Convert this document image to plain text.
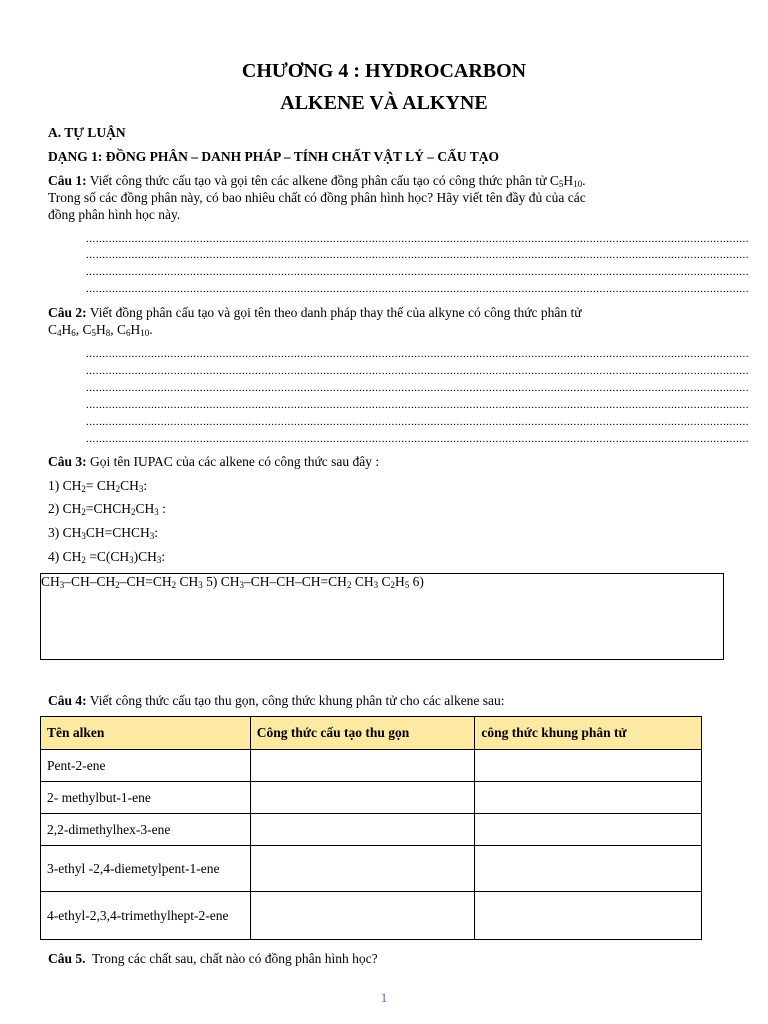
CHƯƠNG 4 : HYDROCARBON
ALKENE VÀ ALKYNE
A. TỰ LUẬN
DẠNG 1: ĐỒNG PHÂN – DANH PHÁP – TÍNH CHẤT VẬT LÝ – CẤU TẠO
Câu 1: Viết công thức cấu tạo và gọi tên các alkene đồng phân cấu tạo có công thức phân tử $C_5H_{10}$.
Trong số các đồng phân này, có bao nhiêu chất có đồng phân hình học? Hãy viết tên đầy đủ của các
đồng phân hình học này.
............................................................................................................................................................................................................
............................................................................................................................................................................................................
............................................................................................................................................................................................................
............................................................................................................................................................................................................
Câu 2: Viết đồng phân cấu tạo và gọi tên theo danh pháp thay thế của alkyne có công thức phân tử
$C_4H_6$, $C_5H_8$, $C_6H_{10}$.
............................................................................................................................................................................................................
............................................................................................................................................................................................................
............................................................................................................................................................................................................
............................................................................................................................................................................................................
............................................................................................................................................................................................................
............................................................................................................................................................................................................
Câu 3: Gọi tên IUPAC của các alkene có công thức sau đây :
1) $CH_2= CH_2CH_3$:
2) $CH_2=CHCH_2CH_3$ :
3) $CH_3CH=CHCH_3$:
4) $CH_2 =C(CH_3)CH_3$:
$CH_3-CH-CH_2-CH=CH_2$ $CH_3$ 5) $CH_3-CH-CH-CH=CH_2$ $CH_3$ $C_2H_5$ 6)
Câu 4: Viết công thức cấu tạo thu gọn, công thức khung phân tử cho các alkene sau:
Tên alken	Công thức cấu tạo thu gọn	công thức khung phân tử
Pent-2-ene		
2- methylbut-1-ene		
2,2-dimethylhex-3-ene		
3-ethyl -2,4-diemetylpent-1-ene		
4-ethyl-2,3,4-trimethylhept-2-ene		
Câu 5. Trong các chất sau, chất nào có đồng phân hình học?
1
